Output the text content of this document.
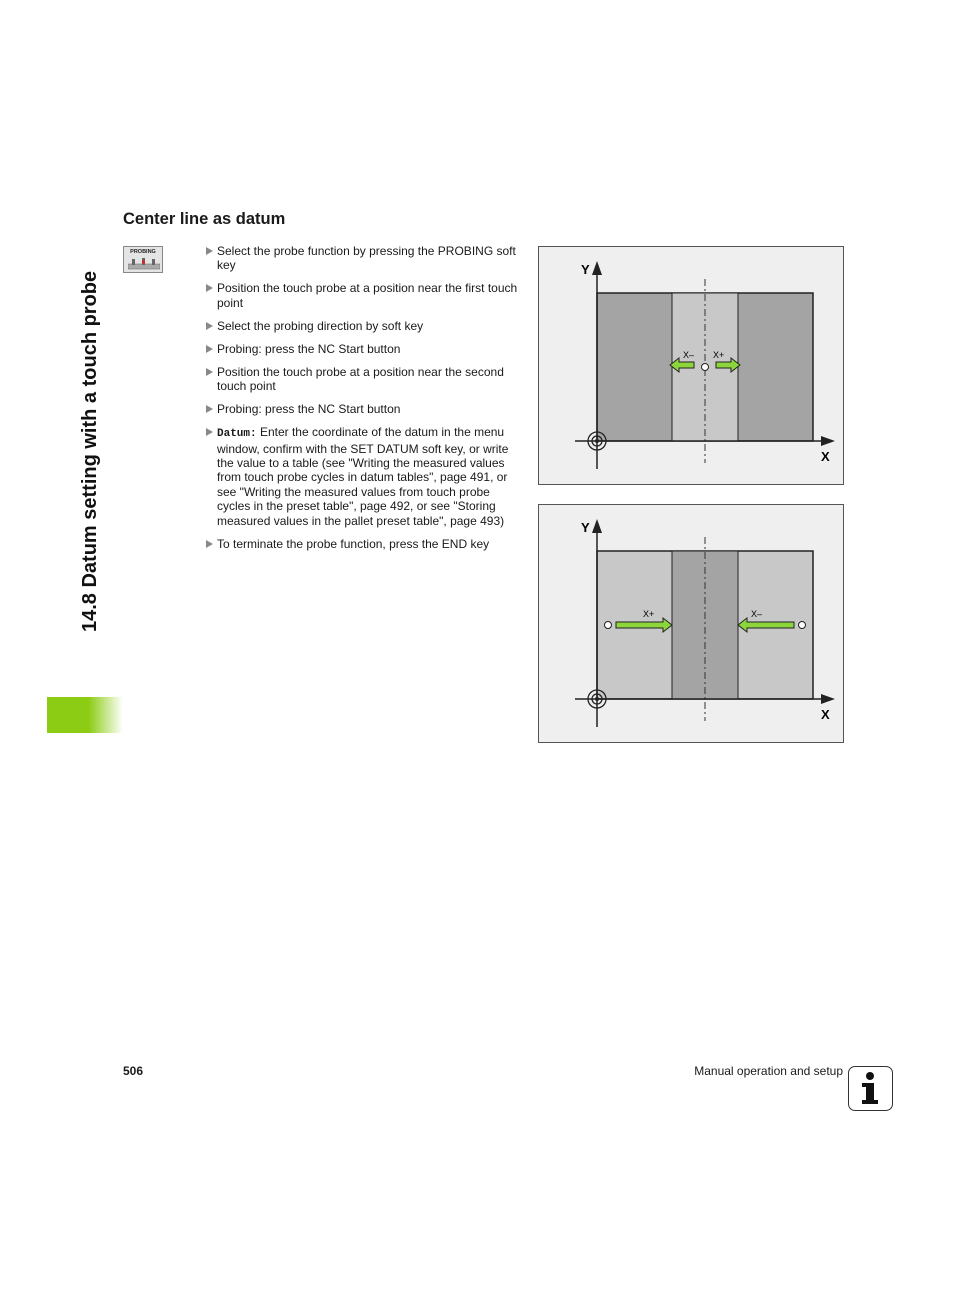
14.8 Datum setting with a touch probe
Center line as datum
PROBING	Select the probe function by pressing the PROBING soft key
Position the touch probe at a position near the first touch point
Select the probing direction by soft key
Probing: press the NC Start button
Position the touch probe at a position near the second touch point
Probing: press the NC Start button
Datum: Enter the coordinate of the datum in the menu window, confirm with the SET DATUM soft key, or write the value to a table (see "Writing the measured values from touch probe cycles in datum tables", page 491, or see "Writing the measured values from touch probe cycles in the preset table", page 492, or see "Storing measured values in the pallet preset table", page 493)
To terminate the probe function, press the END key
Y
X
X– X+
Y
X
X+	X–
506	Manual operation and setup
